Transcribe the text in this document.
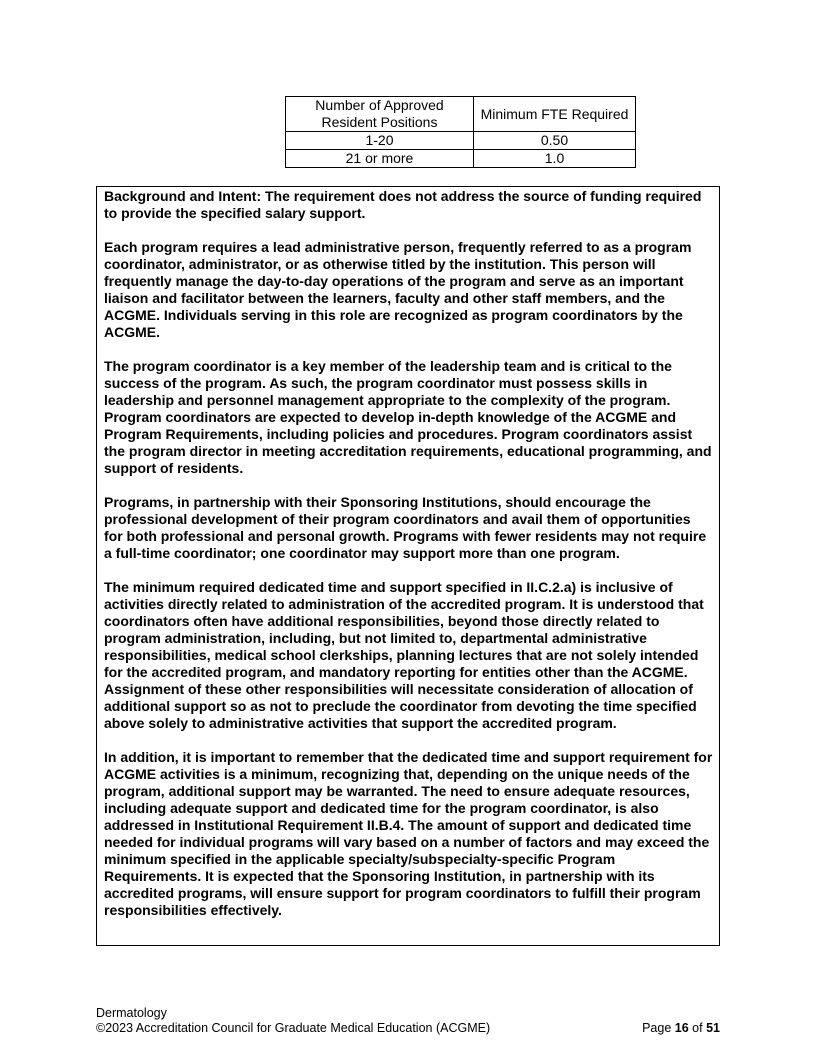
Number of Approved Resident Positions	Minimum FTE Required
1-20	0.50
21 or more	1.0

Background and Intent: The requirement does not address the source of funding required to provide the specified salary support.

Each program requires a lead administrative person, frequently referred to as a program coordinator, administrator, or as otherwise titled by the institution. This person will frequently manage the day-to-day operations of the program and serve as an important liaison and facilitator between the learners, faculty and other staff members, and the ACGME. Individuals serving in this role are recognized as program coordinators by the ACGME.

The program coordinator is a key member of the leadership team and is critical to the success of the program. As such, the program coordinator must possess skills in leadership and personnel management appropriate to the complexity of the program. Program coordinators are expected to develop in-depth knowledge of the ACGME and Program Requirements, including policies and procedures. Program coordinators assist the program director in meeting accreditation requirements, educational programming, and support of residents.

Programs, in partnership with their Sponsoring Institutions, should encourage the professional development of their program coordinators and avail them of opportunities for both professional and personal growth. Programs with fewer residents may not require a full-time coordinator; one coordinator may support more than one program.

The minimum required dedicated time and support specified in II.C.2.a) is inclusive of activities directly related to administration of the accredited program. It is understood that coordinators often have additional responsibilities, beyond those directly related to program administration, including, but not limited to, departmental administrative responsibilities, medical school clerkships, planning lectures that are not solely intended for the accredited program, and mandatory reporting for entities other than the ACGME. Assignment of these other responsibilities will necessitate consideration of allocation of additional support so as not to preclude the coordinator from devoting the time specified above solely to administrative activities that support the accredited program.

In addition, it is important to remember that the dedicated time and support requirement for ACGME activities is a minimum, recognizing that, depending on the unique needs of the program, additional support may be warranted. The need to ensure adequate resources, including adequate support and dedicated time for the program coordinator, is also addressed in Institutional Requirement II.B.4. The amount of support and dedicated time needed for individual programs will vary based on a number of factors and may exceed the minimum specified in the applicable specialty/subspecialty-specific Program Requirements. It is expected that the Sponsoring Institution, in partnership with its accredited programs, will ensure support for program coordinators to fulfill their program responsibilities effectively.

Dermatology
©2023 Accreditation Council for Graduate Medical Education (ACGME)	Page 16 of 51
